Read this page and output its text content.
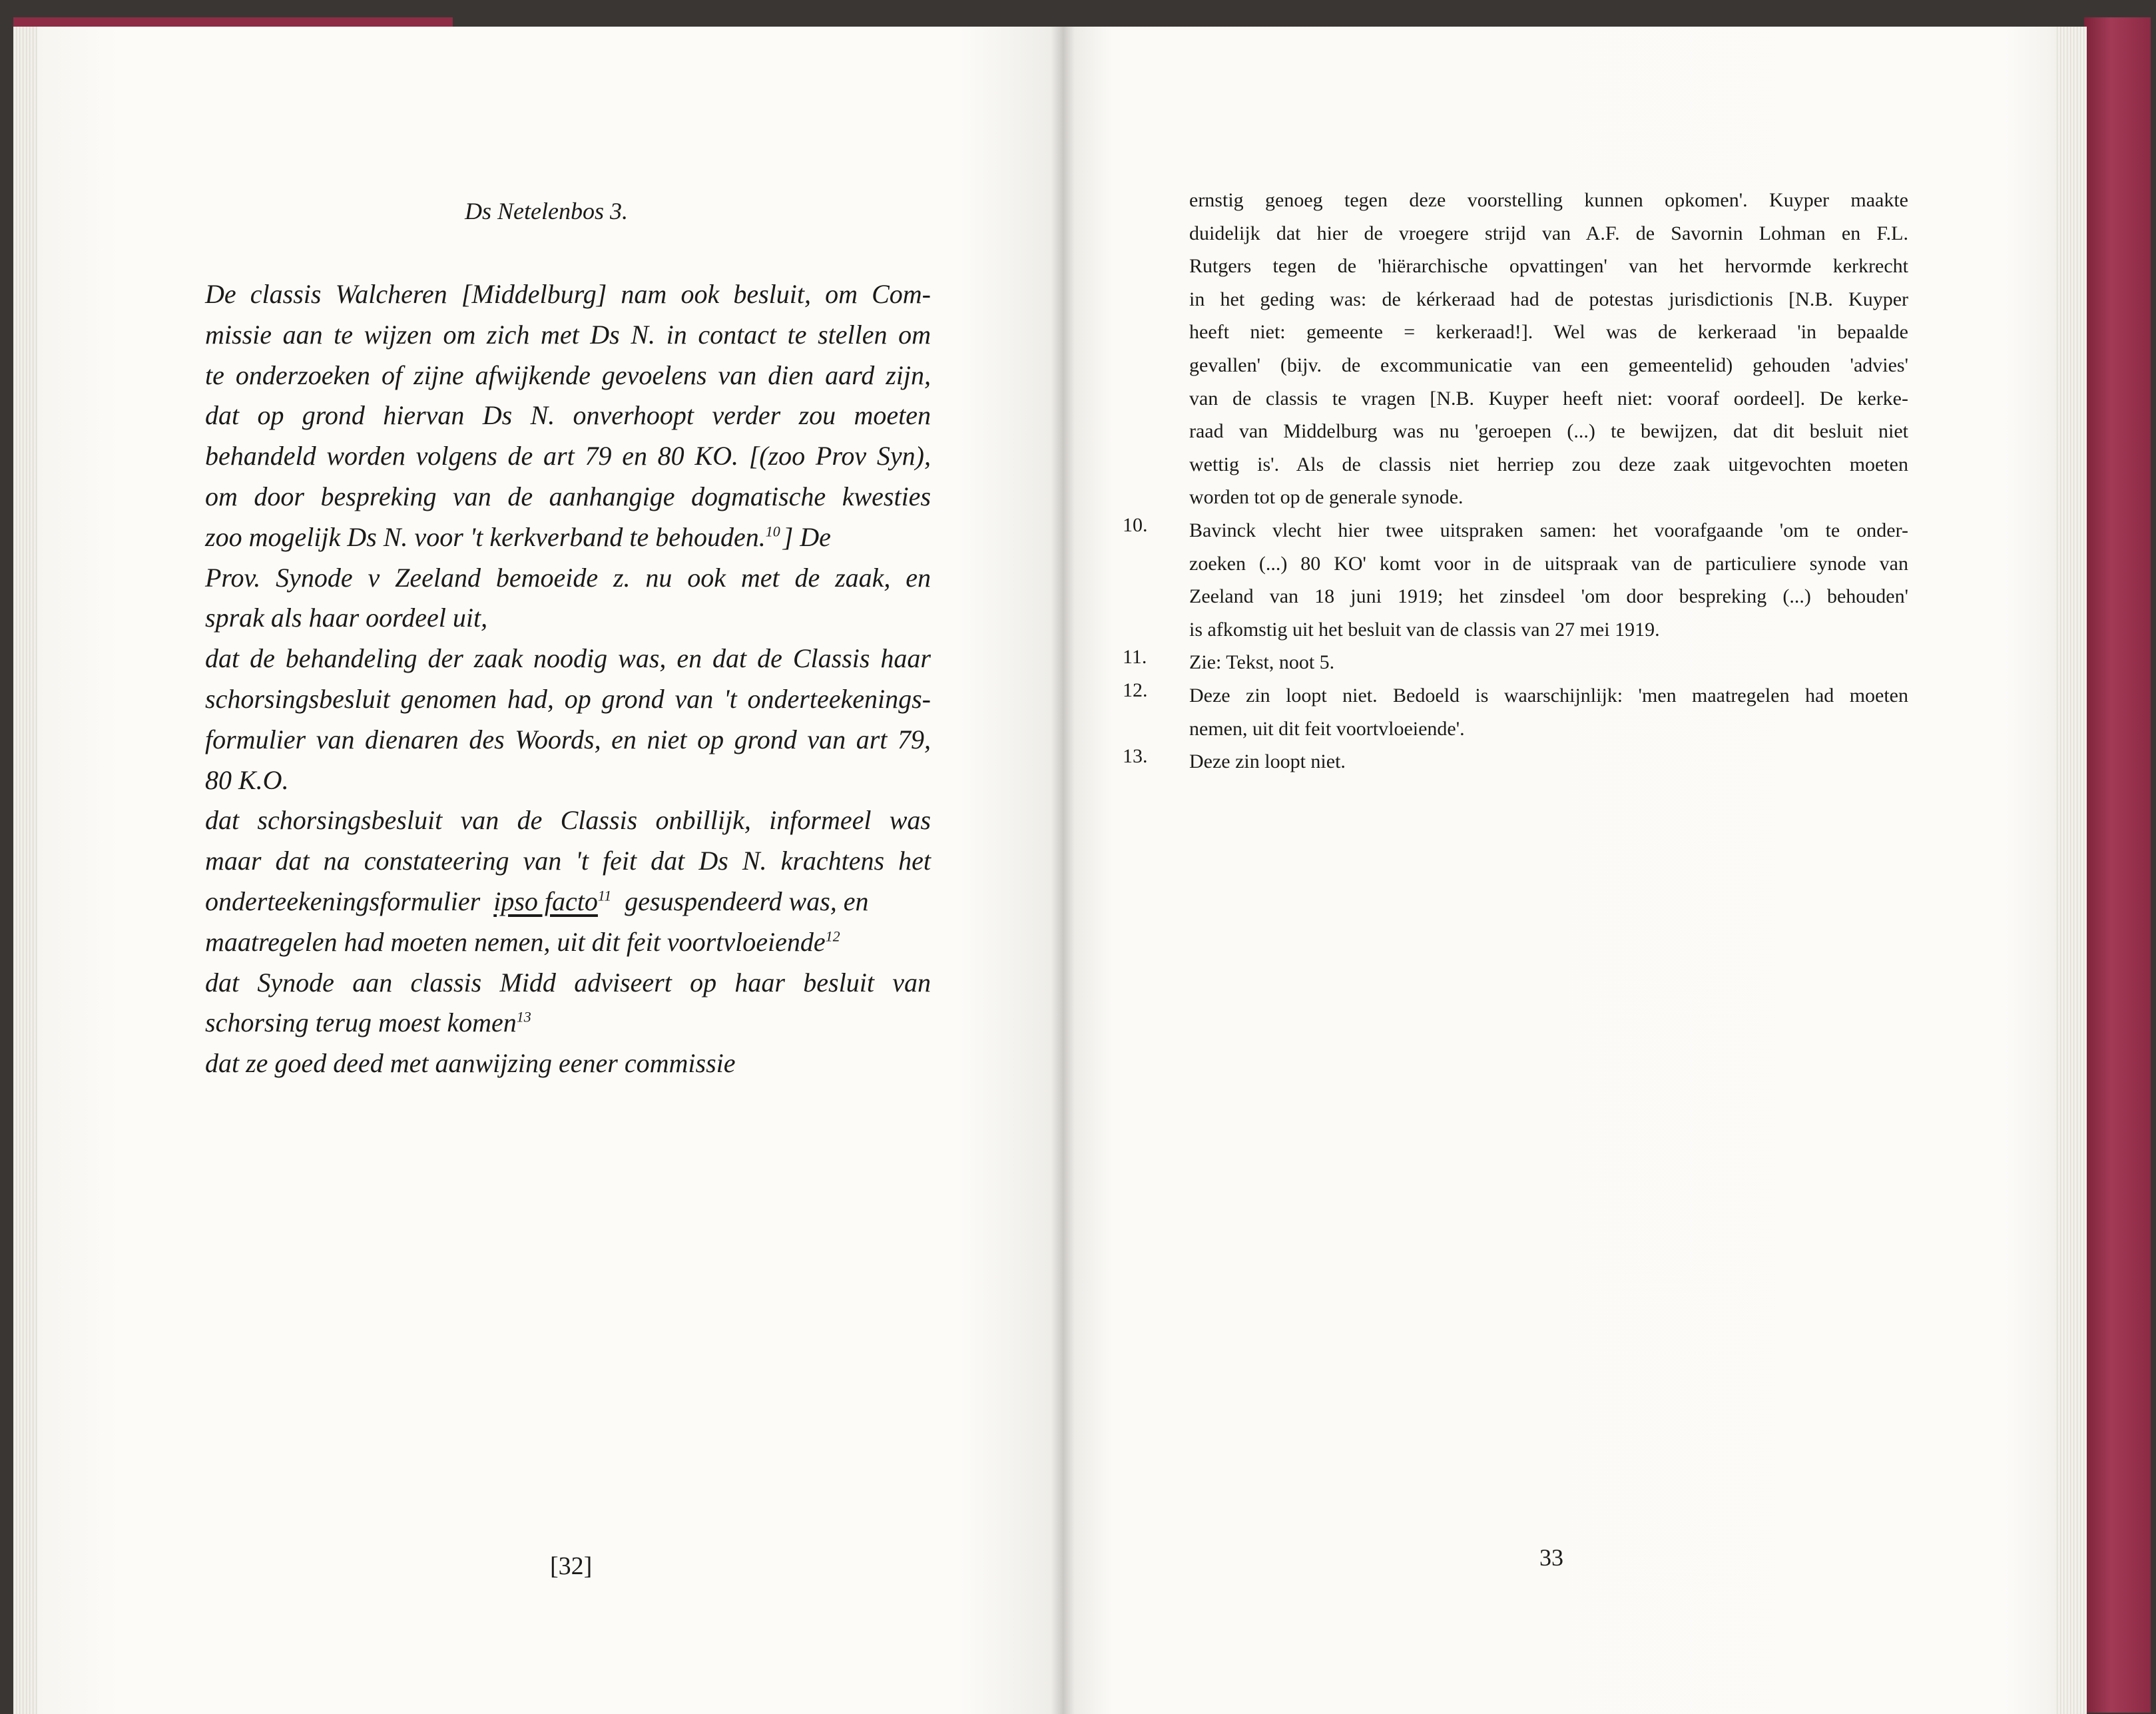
Ds Netelenbos 3.
De classis Walcheren [Middelburg] nam ook besluit, om Com-
missie aan te wijzen om zich met Ds N. in contact te stellen om
te onderzoeken of zijne afwijkende gevoelens van dien aard zijn,
dat op grond hiervan Ds N. onverhoopt verder zou moeten
behandeld worden volgens de art 79 en 80 KO. [(zoo Prov Syn),
om door bespreking van de aanhangige dogmatische kwesties
zoo mogelijk Ds N. voor 't kerkverband te behouden.$^{10}$ ] De
Prov. Synode v Zeeland bemoeide z. nu ook met de zaak, en
sprak als haar oordeel uit,
dat de behandeling der zaak noodig was, en dat de Classis haar
schorsingsbesluit genomen had, op grond van 't onderteekenings-
formulier van dienaren des Woords, en niet op grond van art 79,
80 K.O.
dat schorsingsbesluit van de Classis onbillijk, informeel was
maar dat na constateering van 't feit dat Ds N. krachtens het
onderteekeningsformulier ipso facto$^{11}$ gesuspendeerd was, en
maatregelen had moeten nemen, uit dit feit voortvloeiende$^{12}$
dat Synode aan classis Midd adviseert op haar besluit van
schorsing terug moest komen$^{13}$
dat ze goed deed met aanwijzing eener commissie
[32]
ernstig genoeg tegen deze voorstelling kunnen opkomen'. Kuyper maakte
duidelijk dat hier de vroegere strijd van A.F. de Savornin Lohman en F.L.
Rutgers tegen de 'hiërarchische opvattingen' van het hervormde kerkrecht
in het geding was: de kérkeraad had de potestas jurisdictionis [N.B. Kuyper
heeft niet: gemeente = kerkeraad!]. Wel was de kerkeraad 'in bepaalde
gevallen' (bijv. de excommunicatie van een gemeentelid) gehouden 'advies'
van de classis te vragen [N.B. Kuyper heeft niet: vooraf oordeel]. De kerke-
raad van Middelburg was nu 'geroepen (...) te bewijzen, dat dit besluit niet
wettig is'. Als de classis niet herriep zou deze zaak uitgevochten moeten
worden tot op de generale synode.
10.	Bavinck vlecht hier twee uitspraken samen: het voorafgaande 'om te onder-
zoeken (...) 80 KO' komt voor in de uitspraak van de particuliere synode van
Zeeland van 18 juni 1919; het zinsdeel 'om door bespreking (...) behouden'
is afkomstig uit het besluit van de classis van 27 mei 1919.
11.	Zie: Tekst, noot 5.
12.	Deze zin loopt niet. Bedoeld is waarschijnlijk: 'men maatregelen had moeten
nemen, uit dit feit voortvloeiende'.
13.	Deze zin loopt niet.
33
